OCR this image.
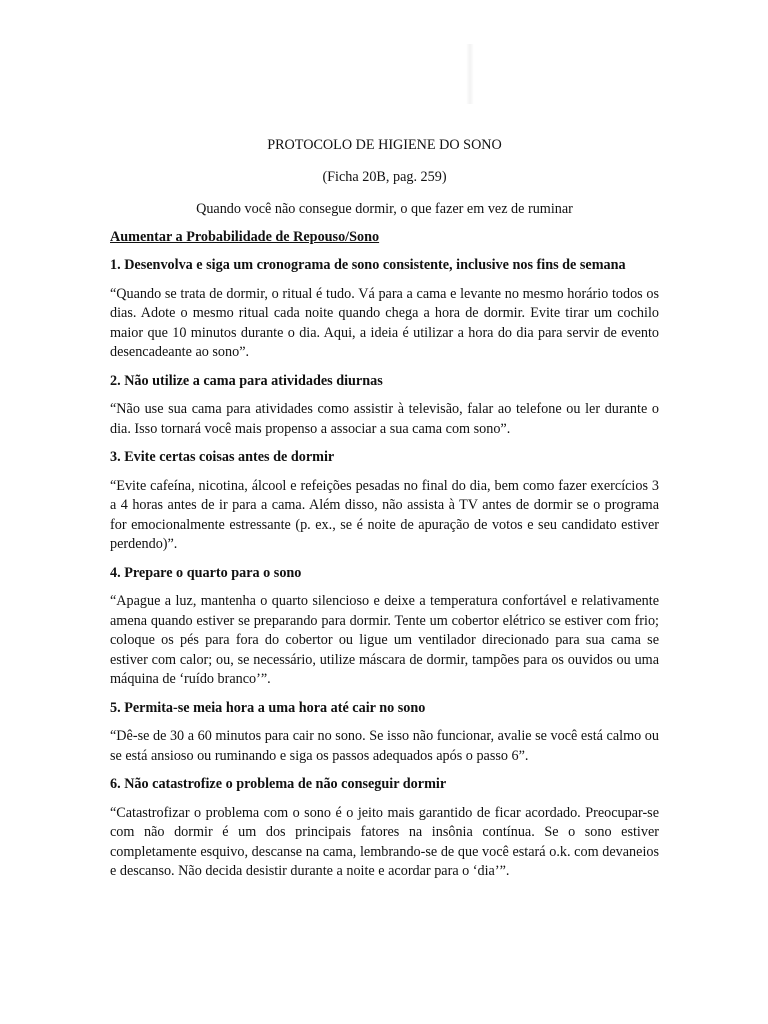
PROTOCOLO DE HIGIENE DO SONO

(Ficha 20B, pag. 259)

Quando você não consegue dormir, o que fazer em vez de ruminar

Aumentar a Probabilidade de Repouso/Sono

1. Desenvolva e siga um cronograma de sono consistente, inclusive nos fins de semana

“Quando se trata de dormir, o ritual é tudo. Vá para a cama e levante no mesmo horário todos os dias. Adote o mesmo ritual cada noite quando chega a hora de dormir. Evite tirar um cochilo maior que 10 minutos durante o dia. Aqui, a ideia é utilizar a hora do dia para servir de evento desencadeante ao sono”.

2. Não utilize a cama para atividades diurnas

“Não use sua cama para atividades como assistir à televisão, falar ao telefone ou ler durante o dia. Isso tornará você mais propenso a associar a sua cama com sono”.

3. Evite certas coisas antes de dormir

“Evite cafeína, nicotina, álcool e refeições pesadas no final do dia, bem como fazer exercícios 3 a 4 horas antes de ir para a cama. Além disso, não assista à TV antes de dormir se o programa for emocionalmente estressante (p. ex., se é noite de apuração de votos e seu candidato estiver perdendo)”.

4. Prepare o quarto para o sono

“Apague a luz, mantenha o quarto silencioso e deixe a temperatura confortável e relativamente amena quando estiver se preparando para dormir. Tente um cobertor elétrico se estiver com frio; coloque os pés para fora do cobertor ou ligue um ventilador direcionado para sua cama se estiver com calor; ou, se necessário, utilize máscara de dormir, tampões para os ouvidos ou uma máquina de ‘ruído branco’”.

5. Permita-se meia hora a uma hora até cair no sono

“Dê-se de 30 a 60 minutos para cair no sono. Se isso não funcionar, avalie se você está calmo ou se está ansioso ou ruminando e siga os passos adequados após o passo 6”.

6. Não catastrofize o problema de não conseguir dormir

“Catastrofizar o problema com o sono é o jeito mais garantido de ficar acordado. Preocupar-se com não dormir é um dos principais fatores na insônia contínua. Se o sono estiver completamente esquivo, descanse na cama, lembrando-se de que você estará o.k. com devaneios e descanso. Não decida desistir durante a noite e acordar para o ‘dia’”.
